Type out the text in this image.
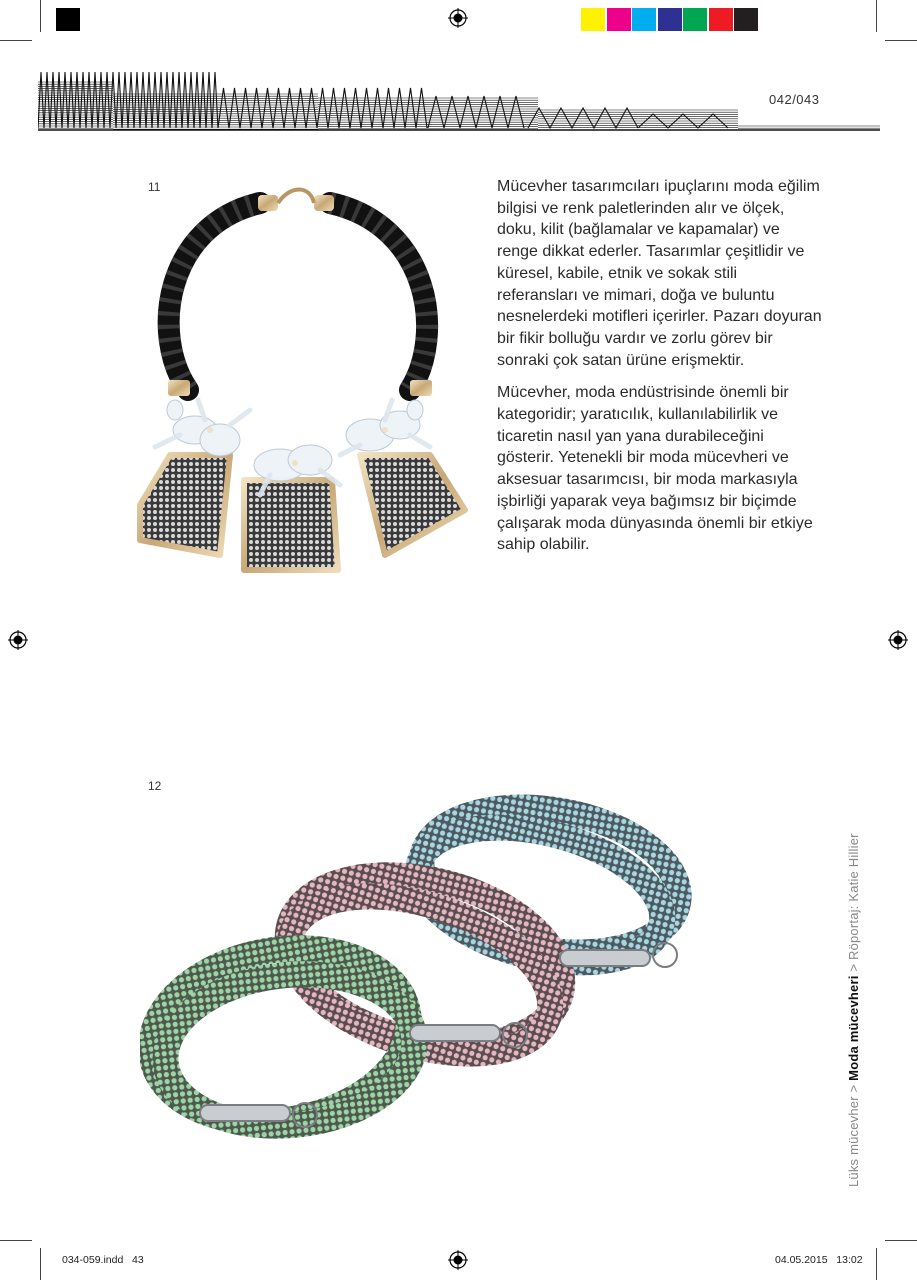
042/043
11	Mücevher tasarımcıları ipuçlarını moda eğilim bilgisi ve renk paletlerinden alır ve ölçek, doku, kilit (bağlamalar ve kapamalar) ve renge dikkat ederler. Tasarımlar çeşitlidir ve küresel, kabile, etnik ve sokak stili referansları ve mimari, doğa ve buluntu nesnelerdeki motifleri içerirler. Pazarı doyuran bir fikir bolluğu vardır ve zorlu görev bir sonraki çok satan ürüne erişmektir.

Mücevher, moda endüstrisinde önemli bir kategoridir; yaratıcılık, kullanılabilirlik ve ticaretin nasıl yan yana durabileceğini gösterir. Yetenekli bir moda mücevheri ve aksesuar tasarımcısı, bir moda markasıyla işbirliği yaparak veya bağımsız bir biçimde çalışarak moda dünyasında önemli bir etkiye sahip olabilir.

12
Lüks mücevher > Moda mücevheri > Röportaj: Katie Hillier
034-059.indd   43	04.05.2015   13:02
